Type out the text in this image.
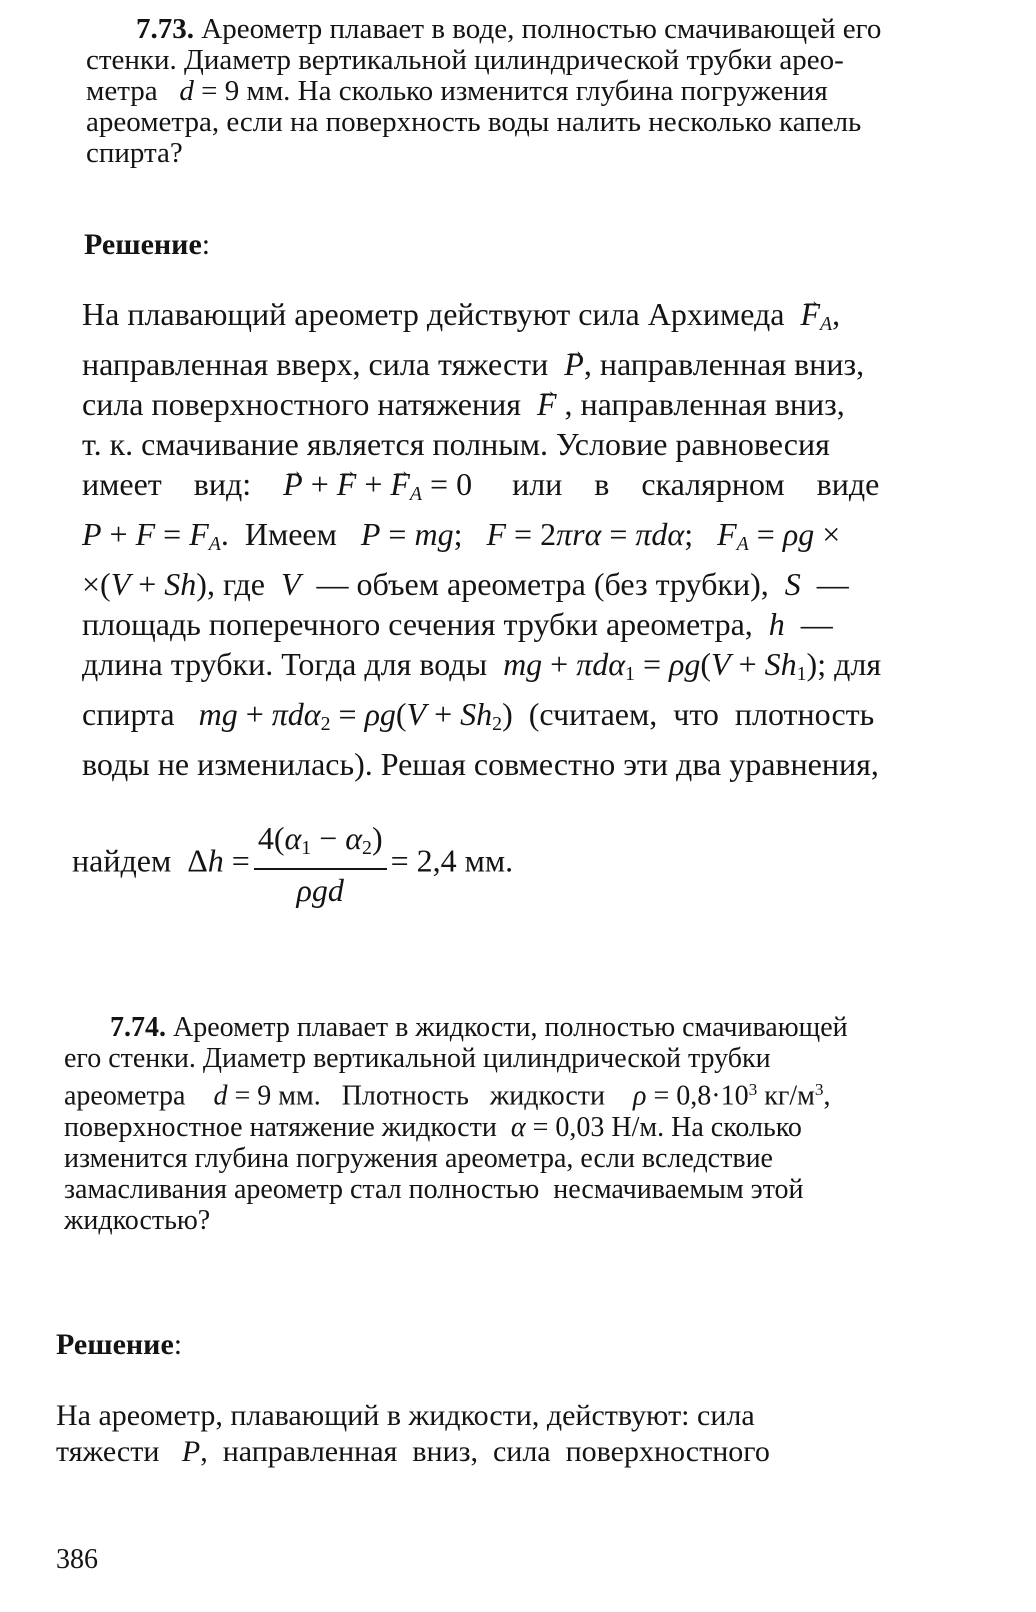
7.73. Ареометр плавает в воде, полностью смачивающей его
стенки. Диаметр вертикальной цилиндрической трубки арео-
метра   d = 9 мм. На сколько изменится глубина погружения
ареометра, если на поверхность воды налить несколько капель
спирта?
Решение:
На плавающий ареометр действуют сила Архимеда  → $F_A$,
направленная вверх, сила тяжести  → P, направленная вниз,
сила поверхностного натяжения  → F , направленная вниз,
т. к. смачивание является полным. Условие равновесия
имеет    вид:    → P + → F + → $F_A = 0$     или    в    скалярном    виде
$P + F = F_A$.  Имеем   P = mg;   F = 2πrα = πdα;   $F_A = \rho g$ ×
×(V + Sh), где  V  — объем ареометра (без трубки),  S  —
площадь поперечного сечения трубки ареометра,  h  —
длина трубки. Тогда для воды  mg + $\pi d\alpha_1 = \rho g(V + Sh_1)$; для
спирта   mg + $\pi d\alpha_2 = \rho g(V + Sh_2)$  (считаем,  что  плотность
воды не изменилась). Решая совместно эти два уравнения,
найдем  $\Delta h = \frac{4(\alpha_1 - \alpha_2)}{\text{ρgd}} = 2,4$ мм.
7.74. Ареометр плавает в жидкости, полностью смачивающей
его стенки. Диаметр вертикальной цилиндрической трубки
ареометра    d = 9 мм.   Плотность   жидкости    $\rho = 0,8\cdot 10^3$ $кг/м^3$,
поверхностное натяжение жидкости  α = 0,03 Н/м. На сколько
изменится глубина погружения ареометра, если вследствие
замасливания ареометр стал полностью  несмачиваемым этой
жидкостью?
Решение:
На ареометр, плавающий в жидкости, действуют: сила
тяжести   P,  направленная  вниз,  сила  поверхностного
386
